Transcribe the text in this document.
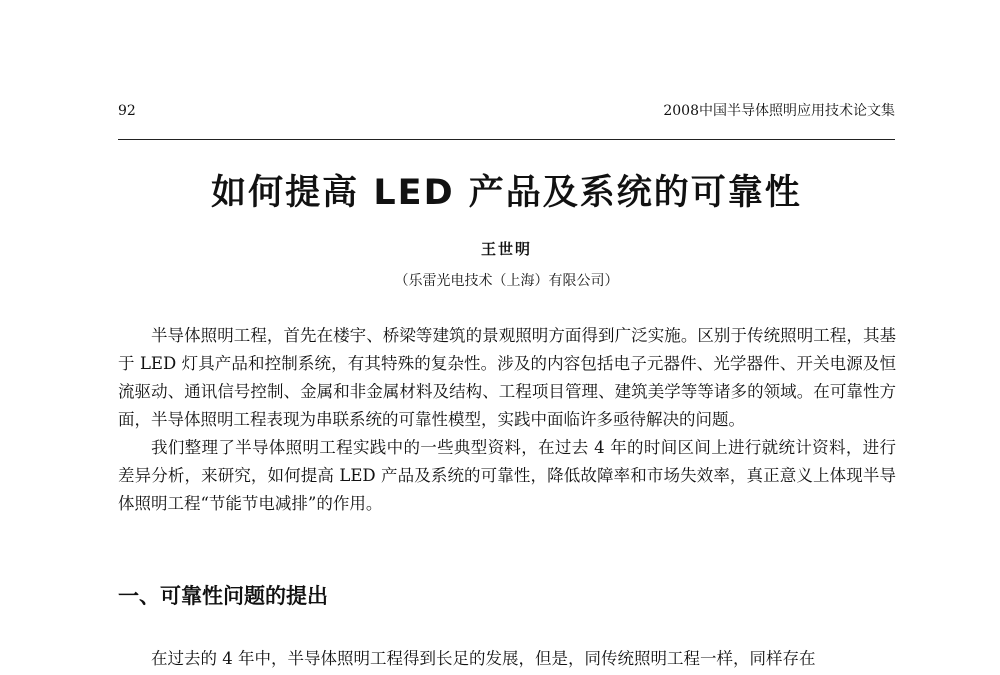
92	2008中国半导体照明应用技术论文集
如何提高 LED 产品及系统的可靠性
王世明
（乐雷光电技术（上海）有限公司）

半导体照明工程，首先在楼宇、桥梁等建筑的景观照明方面得到广泛实施。区别于传统照明工程，其基于 LED 灯具产品和控制系统，有其特殊的复杂性。涉及的内容包括电子元器件、光学器件、开关电源及恒流驱动、通讯信号控制、金属和非金属材料及结构、工程项目管理、建筑美学等等诸多的领域。在可靠性方面，半导体照明工程表现为串联系统的可靠性模型，实践中面临许多亟待解决的问题。

我们整理了半导体照明工程实践中的一些典型资料，在过去 4 年的时间区间上进行就统计资料，进行差异分析，来研究，如何提高 LED 产品及系统的可靠性，降低故障率和市场失效率，真正意义上体现半导体照明工程“节能节电减排”的作用。

一、可靠性问题的提出

在过去的 4 年中，半导体照明工程得到长足的发展，但是，同传统照明工程一样，同样存在
